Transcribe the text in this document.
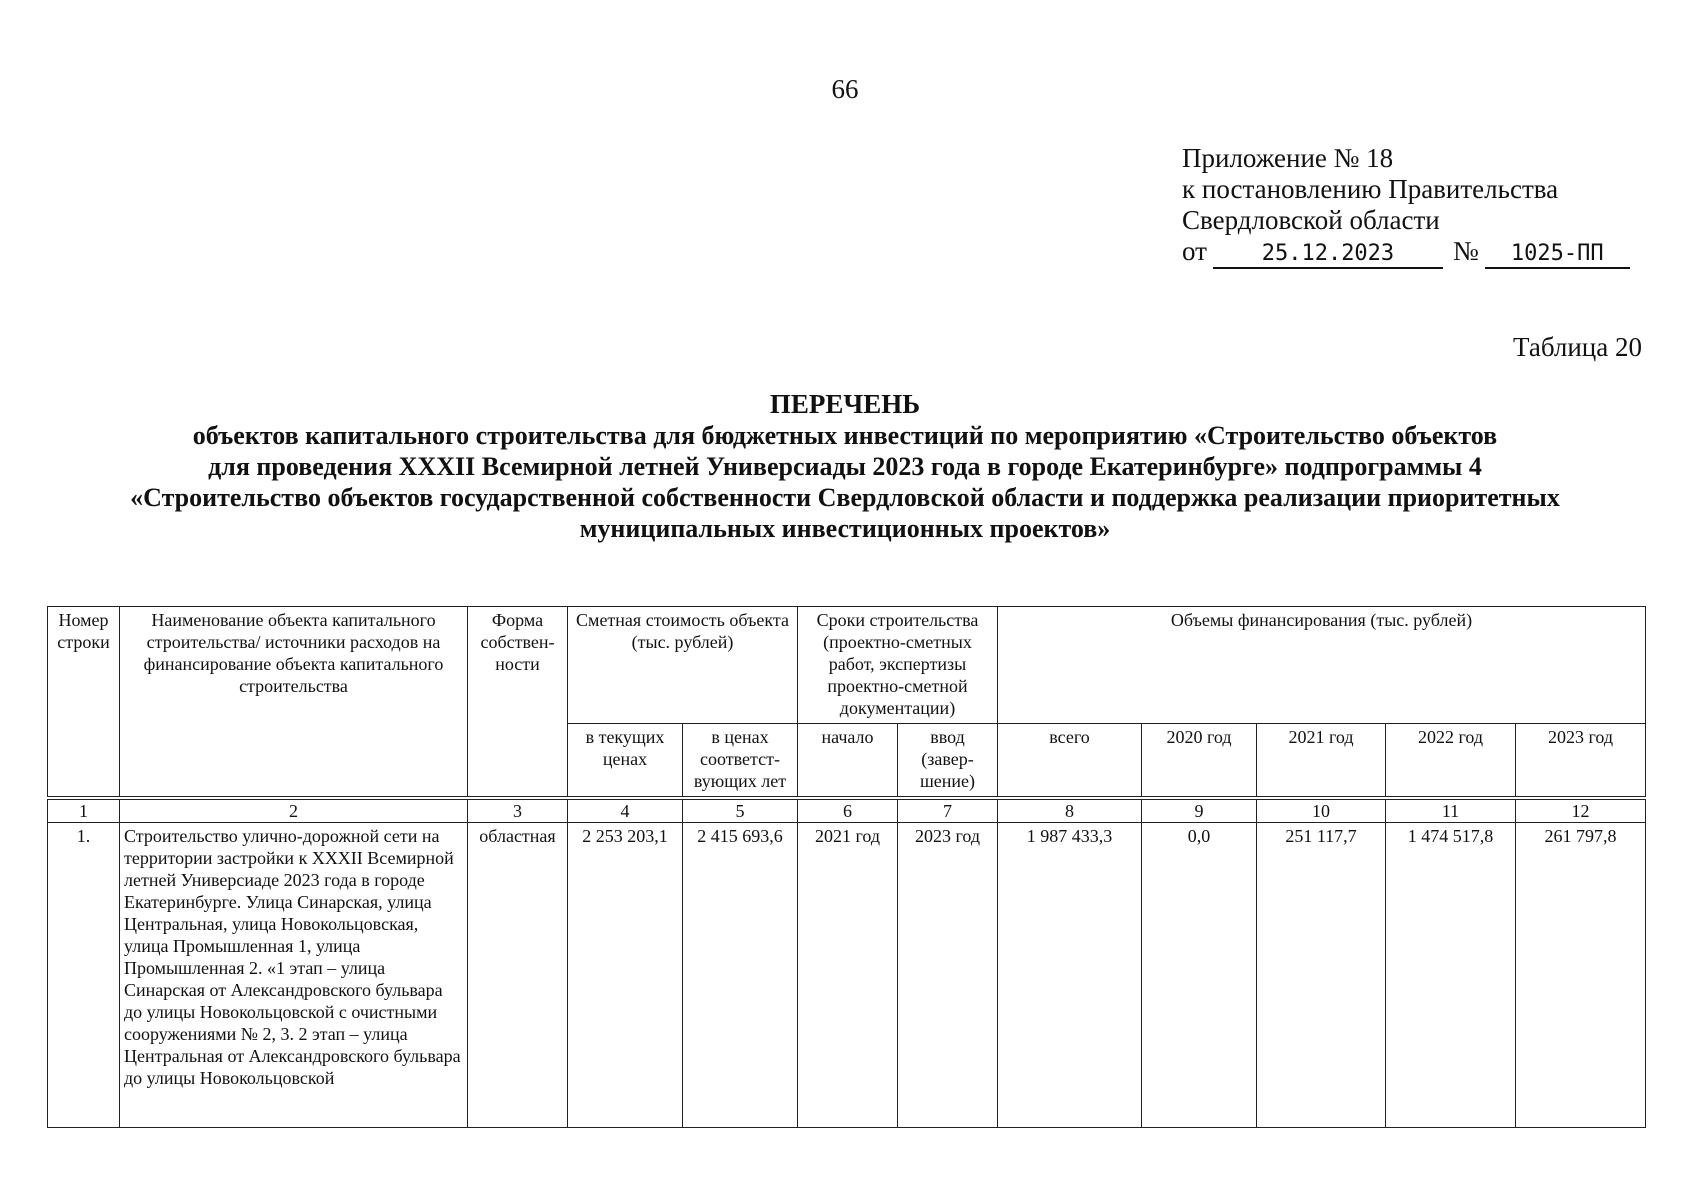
66
Приложение № 18
к постановлению Правительства
Свердловской области
от 25.12.2023 № 1025-ПП
Таблица 20
ПЕРЕЧЕНЬ
объектов капитального строительства для бюджетных инвестиций по мероприятию «Строительство объектов
для проведения XXXII Всемирной летней Универсиады 2023 года в городе Екатеринбурге» подпрограммы 4
«Строительство объектов государственной собственности Свердловской области и поддержка реализации приоритетных
муниципальных инвестиционных проектов»
Номер строки	Наименование объекта капитального строительства/ источники расходов на финансирование объекта капитального строительства	Форма собствен-ности	Сметная стоимость объекта (тыс. рублей)		Сроки строительства (проектно-сметных работ, экспертизы проектно-сметной документации)		Объемы финансирования (тыс. рублей)				
			в текущих ценах	в ценах соответст-вующих лет	начало	ввод (завер-шение)	всего	2020 год	2021 год	2022 год	2023 год

1	2	3	4	5	6	7	8	9	10	11	12
1.	Строительство улично-дорожной сети на территории застройки к XXXII Всемирной летней Универсиаде 2023 года в городе Екатеринбурге. Улица Синарская, улица Центральная, улица Новокольцовская, улица Промышленная 1, улица Промышленная 2. «1 этап – улица Синарская от Александровского бульвара до улицы Новокольцовской с очистными сооружениями № 2, 3. 2 этап – улица Центральная от Александровского бульвара до улицы Новокольцовской	областная	2 253 203,1	2 415 693,6	2021 год	2023 год	1 987 433,3	0,0	251 117,7	1 474 517,8	261 797,8
